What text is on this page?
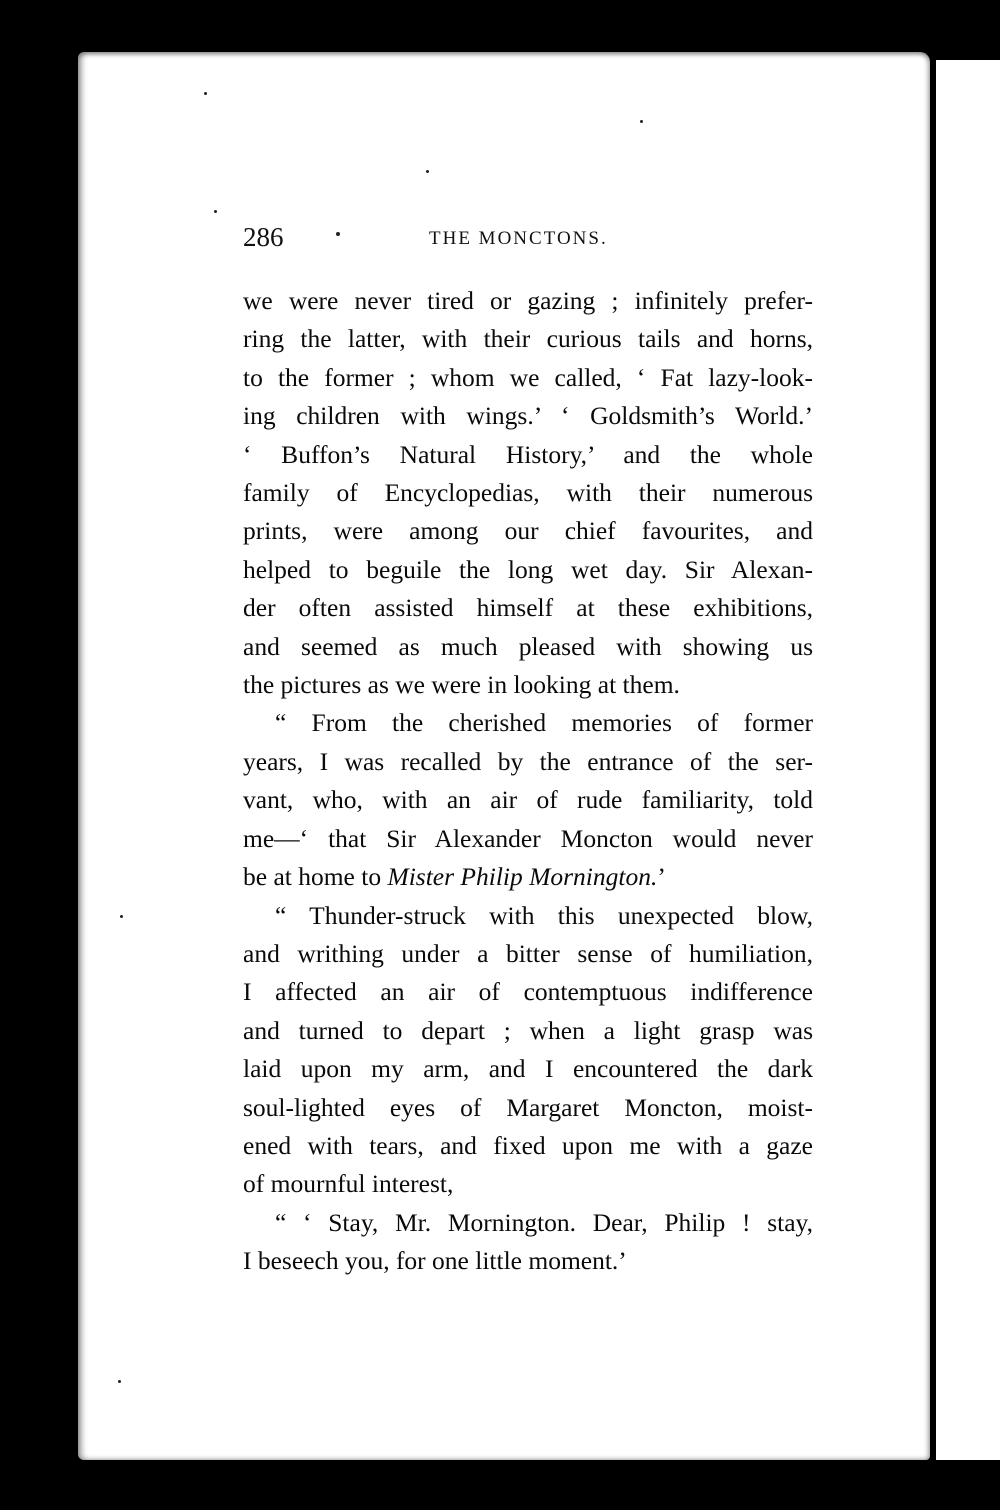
286	THE MONCTONS.

we were never tired or gazing ; infinitely prefer-
ring the latter, with their curious tails and horns,
to the former ; whom we called, ‘ Fat lazy-look-
ing children with wings.’ ‘ Goldsmith’s World.’
‘ Buffon’s Natural History,’ and the whole
family of Encyclopedias, with their numerous
prints, were among our chief favourites, and
helped to beguile the long wet day. Sir Alexan-
der often assisted himself at these exhibitions,
and seemed as much pleased with showing us
the pictures as we were in looking at them.

“ From the cherished memories of former
years, I was recalled by the entrance of the ser-
vant, who, with an air of rude familiarity, told
me—‘ that Sir Alexander Moncton would never
be at home to Mister Philip Mornington.’

“ Thunder-struck with this unexpected blow,
and writhing under a bitter sense of humiliation,
I affected an air of contemptuous indifference
and turned to depart ; when a light grasp was
laid upon my arm, and I encountered the dark
soul-lighted eyes of Margaret Moncton, moist-
ened with tears, and fixed upon me with a gaze
of mournful interest,

“ ‘ Stay, Mr. Mornington. Dear, Philip ! stay,
I beseech you, for one little moment.’
